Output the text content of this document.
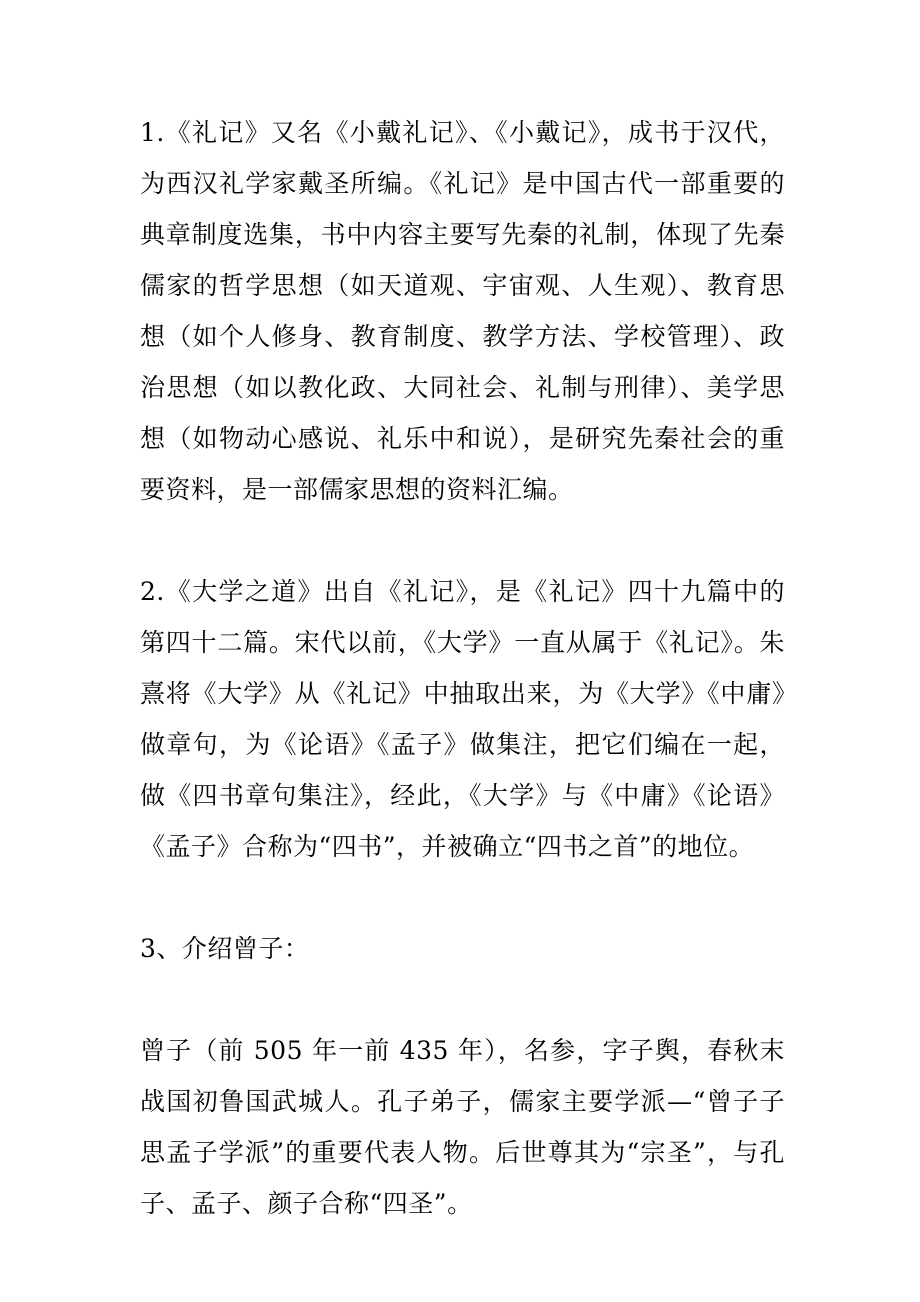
1.《礼记》又名《小戴礼记》、《小戴记》，成书于汉代，为西汉礼学家戴圣所编。《礼记》是中国古代一部重要的典章制度选集，书中内容主要写先秦的礼制，体现了先秦儒家的哲学思想（如天道观、宇宙观、人生观）、教育思想（如个人修身、教育制度、教学方法、学校管理）、政治思想（如以教化政、大同社会、礼制与刑律）、美学思想（如物动心感说、礼乐中和说），是研究先秦社会的重要资料，是一部儒家思想的资料汇编。

2.《大学之道》出自《礼记》，是《礼记》四十九篇中的第四十二篇。宋代以前，《大学》一直从属于《礼记》。朱熹将《大学》从《礼记》中抽取出来，为《大学》《中庸》做章句，为《论语》《孟子》做集注，把它们编在一起，做《四书章句集注》，经此，《大学》与《中庸》《论语》《孟子》合称为“四书”，并被确立“四书之首”的地位。

3、介绍曾子：

曾子（前 505 年一前 435 年），名参，字子舆，春秋末战国初鲁国武城人。孔子弟子，儒家主要学派—“曾子子思孟子学派”的重要代表人物。后世尊其为“宗圣”，与孔子、孟子、颜子合称“四圣”。
